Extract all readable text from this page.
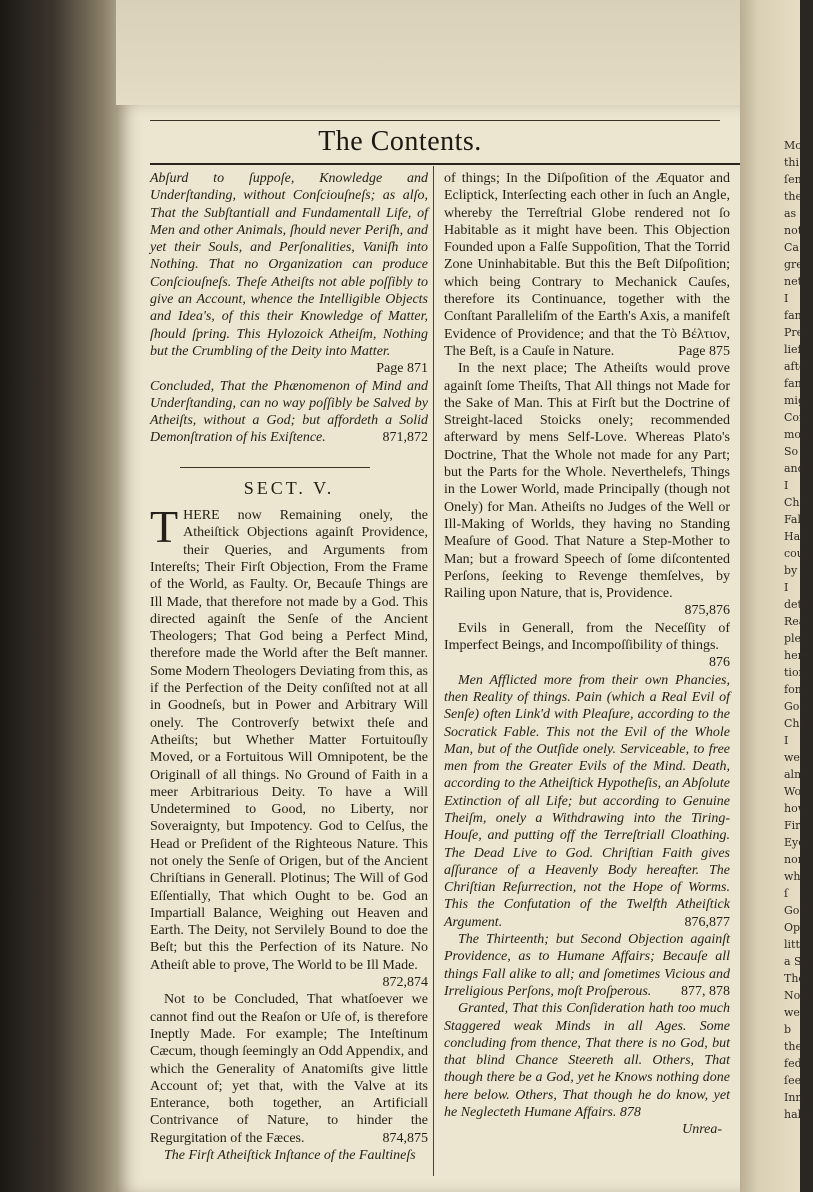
Mo
thi
ſen
the
as
not
Ca
gre
net
I
fan
Pre
lief
afte
fan
mig
Cor
mol
So
and
I
Chr
Fal
Hal
coul
by
I
dete
Rea
plea
here
tion
fom
Goo
Chr
I
we
alm
Wo
how
Fir
Eye
nor
wh
ſ
God
Opi
litt
a Sp
Tho
Non
we
b
the
fed
ſee
Inm
habit
The Contents.

Abſurd to ſuppoſe, Knowledge and Underſtanding, without Conſciouſneſs; as alſo, That the Subſtantiall and Fundamentall Life, of Men and other Animals, ſhould never Periſh, and yet their Souls, and Perſonalities, Vaniſh into Nothing. That no Organization can produce Conſciouſneſs. Theſe Atheiſts not able poſſibly to give an Account, whence the Intelligible Objects and Idea's, of this their Knowledge of Matter, ſhould ſpring. This Hylozoick Atheiſm, Nothing but the Crumbling of the Deity into Matter.
Page 871

Concluded, That the Phænomenon of Mind and Underſtanding, can no way poſſibly be Salved by Atheiſts, without a God; but affordeth a Solid Demonſtration of his Exiſtence.	871,872

SECT. V.

THERE now Remaining onely, the Atheiſtick Objections againſt Providence, their Queries, and Arguments from Intereſts; Their Firſt Objection, From the Frame of the World, as Faulty. Or, Becauſe Things are Ill Made, that therefore not made by a God. This directed againſt the Senſe of the Ancient Theologers; That God being a Perfect Mind, therefore made the World after the Beſt manner. Some Modern Theologers Deviating from this, as if the Perfection of the Deity conſiſted not at all in Goodneſs, but in Power and Arbitrary Will onely. The Controverſy betwixt theſe and Atheiſts; but Whether Matter Fortuitouſly Moved, or a Fortuitous Will Omnipotent, be the Originall of all things. No Ground of Faith in a meer Arbitrarious Deity. To have a Will Undetermined to Good, no Liberty, nor Soveraignty, but Impotency. God to Celſus, the Head or Preſident of the Righteous Nature. This not onely the Senſe of Origen, but of the Ancient Chriſtians in Generall. Plotinus; The Will of God Eſſentially, That which Ought to be. God an Impartiall Balance, Weighing out Heaven and Earth. The Deity, not Servilely Bound to doe the Beſt; but this the Perfection of its Nature. No Atheiſt able to prove, The World to be Ill Made.
872,874

Not to be Concluded, That whatſoever we cannot find out the Reaſon or Uſe of, is therefore Ineptly Made. For example; The Inteſtinum Cæcum, though ſeemingly an Odd Appendix, and which the Generality of Anatomiſts give little Account of; yet that, with the Valve at its Enterance, both together, an Artificiall Contrivance of Nature, to hinder the Regurgitation of the Fæces.	874,875

The Firſt Atheiſtick Inſtance of the Faultineſs

of things; In the Diſpoſition of the Æquator and Ecliptick, Interſecting each other in ſuch an Angle, whereby the Terreſtrial Globe rendered not ſo Habitable as it might have been. This Objection Founded upon a Falſe Suppoſition, That the Torrid Zone Uninhabitable. But this the Beſt Diſpoſition; which being Contrary to Mechanick Cauſes, therefore its Continuance, together with the Conſtant Paralleliſm of the Earth's Axis, a manifeſt Evidence of Providence; and that the Τὸ Βέλτιον, The Beſt, is a Cauſe in Nature.	Page 875

In the next place; The Atheiſts would prove againſt ſome Theiſts, That All things not Made for the Sake of Man. This at Firſt but the Doctrine of Streight-laced Stoicks onely; recommended afterward by mens Self-Love. Whereas Plato's Doctrine, That the Whole not made for any Part; but the Parts for the Whole. Neverthelefs, Things in the Lower World, made Principally (though not Onely) for Man. Atheiſts no Judges of the Well or Ill-Making of Worlds, they having no Standing Meaſure of Good. That Nature a Step-Mother to Man; but a froward Speech of ſome diſcontented Perſons, ſeeking to Revenge themſelves, by Railing upon Nature, that is, Providence.
875,876

Evils in Generall, from the Neceſſity of Imperfect Beings, and Incompoſſibility of things.
876

Men Afflicted more from their own Phancies, then Reality of things. Pain (which a Real Evil of Senſe) often Link'd with Pleaſure, according to the Socratick Fable. This not the Evil of the Whole Man, but of the Outſide onely. Serviceable, to free men from the Greater Evils of the Mind. Death, according to the Atheiſtick Hypotheſis, an Abſolute Extinction of all Life; but according to Genuine Theiſm, onely a Withdrawing into the Tiring-Houſe, and putting off the Terreſtriall Cloathing. The Dead Live to God. Chriſtian Faith gives aſſurance of a Heavenly Body hereafter. The Chriſtian Reſurrection, not the Hope of Worms. This the Confutation of the Twelfth Atheiſtick Argument.	876,877

The Thirteenth; but Second Objection againſt Providence, as to Humane Affairs; Becauſe all things Fall alike to all; and ſometimes Vicious and Irreligious Perſons, moſt Proſperous.	877, 878

Granted, That this Conſideration hath too much Staggered weak Minds in all Ages. Some concluding from thence, That there is no God, but that blind Chance Steereth all. Others, That though there be a God, yet he Knows nothing done here below. Others, That though he do know, yet he Neglecteth Humane Affairs. 878

Unrea-
